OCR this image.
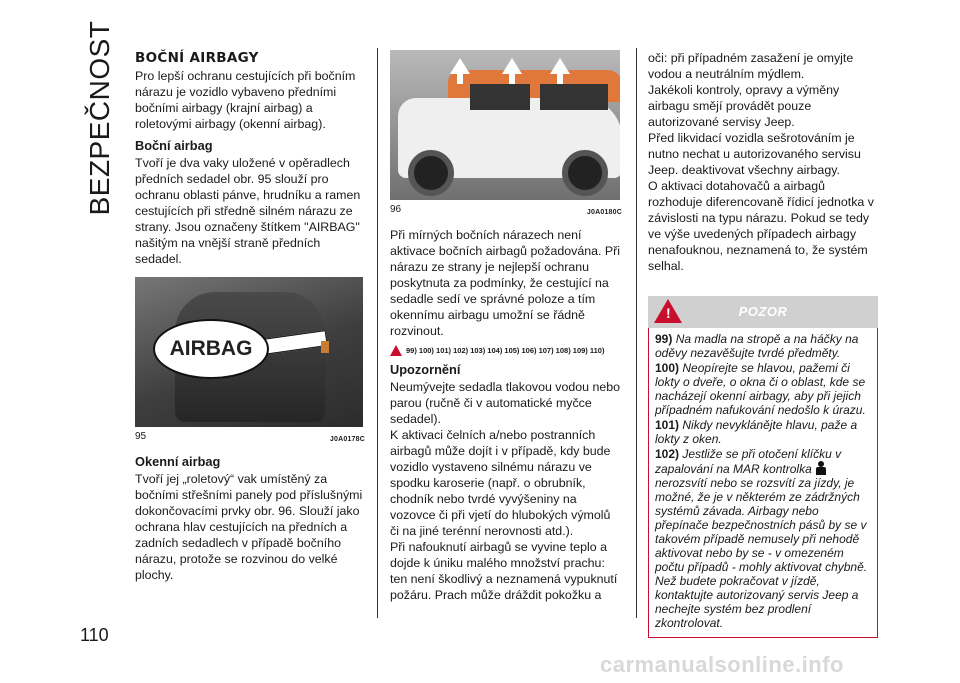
BEZPEČNOST
110
BOČNÍ AIRBAGY

Pro lepší ochranu cestujících při bočním nárazu je vozidlo vybaveno předními bočními airbagy (krajní airbag) a roletovými airbagy (okenní airbag).

Boční airbag

Tvoří je dva vaky uložené v opěradlech předních sedadel obr. 95 slouží pro ochranu oblasti pánve, hrudníku a ramen cestujících při středně silném nárazu ze strany. Jsou označeny štítkem "AIRBAG" našitým na vnější straně předních sedadel.

AIRBAG
95	J0A0178C
Okenní airbag

Tvoří jej „roletový“ vak umístěný za bočními střešními panely pod příslušnými dokončovacími prvky obr. 96. Slouží jako ochrana hlav cestujících na předních a zadních sedadlech v případě bočního nárazu, protože se rozvinou do velké plochy.

96	J0A0180C

Při mírných bočních nárazech není aktivace bočních airbagů požadována. Při nárazu ze strany je nejlepší ochranu poskytnuta za podmínky, že cestující na sedadle sedí ve správné poloze a tím okennímu airbagu umožní se řádně rozvinout.

99) 100) 101) 102) 103) 104) 105) 106) 107) 108) 109) 110)
Upozornění

Neumývejte sedadla tlakovou vodou nebo parou (ručně či v automatické myčce sedadel).

K aktivaci čelních a/nebo postranních airbagů může dojít i v případě, kdy bude vozidlo vystaveno silnému nárazu ve spodku karoserie (např. o obrubník, chodník nebo tvrdé vyvýšeniny na vozovce či při vjetí do hlubokých výmolů či na jiné terénní nerovnosti atd.).

Při nafouknutí airbagů se vyvine teplo a dojde k úniku malého množství prachu: ten není škodlivý a neznamená vypuknutí požáru. Prach může dráždit pokožku a

oči: při případném zasažení je omyjte vodou a neutrálním mýdlem.

Jakékoli kontroly, opravy a výměny airbagu smějí provádět pouze autorizované servisy Jeep.

Před likvidací vozidla sešrotováním je nutno nechat u autorizovaného servisu Jeep. deaktivovat všechny airbagy.

O aktivaci dotahovačů a airbagů rozhoduje diferencovaně řídicí jednotka v závislosti na typu nárazu. Pokud se tedy ve výše uvedených případech airbagy nenafouknou, neznamená to, že systém selhal.

!	POZOR
99) Na madla na stropě a na háčky na oděvy nezavěšujte tvrdé předměty.
100) Neopírejte se hlavou, pažemi či lokty o dveře, o okna či o oblast, kde se nacházejí okenní airbagy, aby při jejich případném nafukování nedošlo k úrazu.
101) Nikdy nevyklánějte hlavu, paže a lokty z oken.
102) Jestliže se při otočení klíčku v zapalování na MAR kontrolka  nerozsvítí nebo se rozsvítí za jízdy, je možné, že je v některém ze zádržných systémů závada. Airbagy nebo přepínače bezpečnostních pásů by se v takovém případě nemusely při nehodě aktivovat nebo by se - v omezeném počtu případů - mohly aktivovat chybně. Než budete pokračovat v jízdě, kontaktujte autorizovaný servis Jeep a nechejte systém bez prodlení zkontrolovat.
carmanualsonline.info
